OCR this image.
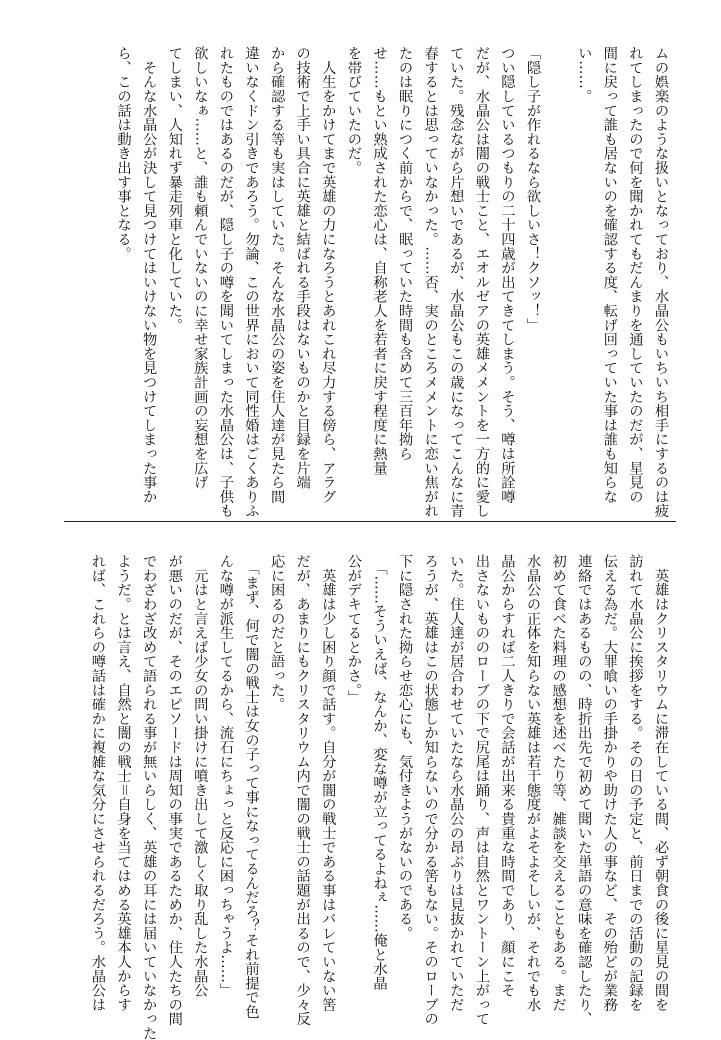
ムの娯楽のような扱いとなっており、水晶公もいちいち相手にするのは疲
れてしまったので何を聞かれてもだんまりを通していたのだが、星見の
間に戻って誰も居ないのを確認する度、転げ回っていた事は誰も知らな
い……。
「隠し子が作れるなら欲しいさ！クソッ！」
つい隠しているつもりの二十四歳が出てきてしまう。そう、噂は所詮噂
だが、水晶公は闇の戦士こと、エオルゼアの英雄メメントを一方的に愛し
ていた。残念ながら片想いであるが、水晶公もこの歳になってこんなに青
春するとは思っていなかった。……否、実のところメメントに恋い焦がれ
たのは眠りにつく前からで、眠っていた時間も含めて三百年拗ら
せ……もとい熟成された恋心は、自称老人を若者に戻す程度に熱量
を帯びていたのだ。
　人生をかけてまで英雄の力になろうとあれこれ尽力する傍ら、アラグ
の技術で上手い具合に英雄と結ばれる手段はないものかと目録を片端
から確認する等も実はしていた。そんな水晶公の姿を住人達が見たら間
違いなくドン引きであろう。勿論、この世界において同性婚はごくありふ
れたものではあるのだが、隠し子の噂を聞いてしまった水晶公は、子供も
欲しいなぁ……と、誰も頼んでいないのに幸せ家族計画の妄想を広げ
てしまい、人知れず暴走列車と化していた。
　そんな水晶公が決して見つけてはいけない物を見つけてしまった事か
ら、この話は動き出す事となる。
　英雄はクリスタリウムに滞在している間、必ず朝食の後に星見の間を
訪れて水晶公に挨拶をする。その日の予定と、前日までの活動の記録を
伝える為だ。大罪喰いの手掛かりや助けた人の事など、その殆どが業務
連絡ではあるものの、時折出先で初めて聞いた単語の意味を確認したり、
初めて食べた料理の感想を述べたり等、雑談を交えることもある。まだ
水晶公の正体を知らない英雄は若干態度がよそよそしいが、それでも水
晶公からすれば二人きりで会話が出来る貴重な時間であり、顔にこそ
出さないもののローブの下で尻尾は踊り、声は自然とワントーン上がって
いた。住人達が居合わせていたなら水晶公の昂ぶりは見抜かれていただ
ろうが、英雄はこの状態しか知らないので分かる筈もない。そのローブの
下に隠された拗らせ恋心にも、気付きようがないのである。
　「……そういえば、なんか、変な噂が立ってるよねぇ……俺と水晶
公がデキてるとかさ。」
　英雄は少し困り顔で話す。自分が闇の戦士である事はバレていない筈
だが、あまりにもクリスタリウム内で闇の戦士の話題が出るので、少々反
応に困るのだと語った。
　「まず、何で闇の戦士は女の子って事になってるんだろ？それ前提で色
んな噂が派生してるから、流石にちょっと反応に困っちゃうよ……」
　元はと言えば少女の問い掛けに噴き出して激しく取り乱した水晶公
が悪いのだが、そのエピソードは周知の事実であるためか、住人たちの間
でわざわざ改めて語られる事が無いらしく、英雄の耳には届いていなかった
ようだ。とは言え、自然と闇の戦士＝自身を当てはめる英雄本人からす
れば、これらの噂話は確かに複雑な気分にさせられるだろう。水晶公は
